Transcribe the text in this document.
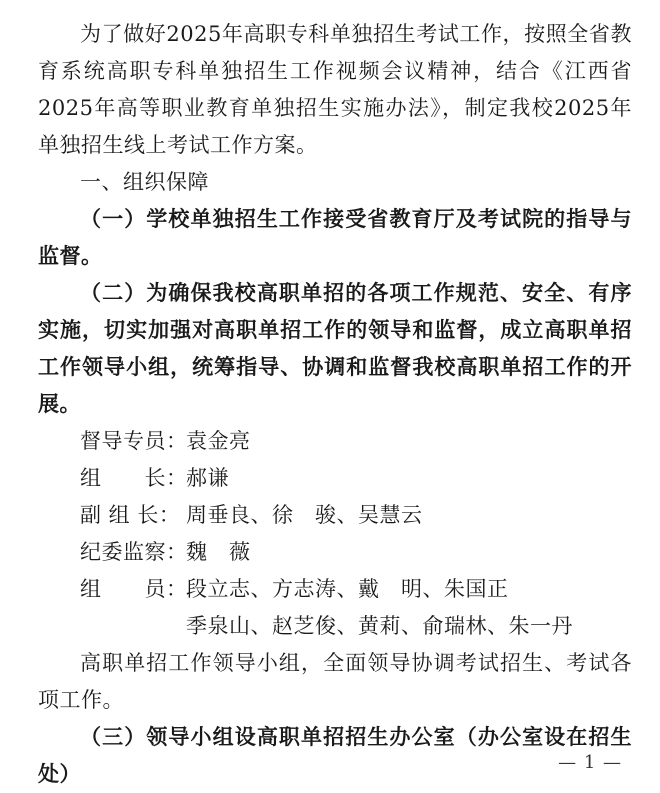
为了做好2025年高职专科单独招生考试工作，按照全省教育系统高职专科单独招生工作视频会议精神，结合《江西省2025年高等职业教育单独招生实施办法》，制定我校2025年单独招生线上考试工作方案。

一、组织保障

（一）学校单独招生工作接受省教育厅及考试院的指导与监督。

（二）为确保我校高职单招的各项工作规范、安全、有序实施，切实加强对高职单招工作的领导和监督，成立高职单招工作领导小组，统筹指导、协调和监督我校高职单招工作的开展。

督导专员：
袁金亮
组　　长：
郝谦
副 组 长： 周垂良、徐　骏、吴慧云
纪委监察：
魏　薇
组　　员：
段立志、方志涛、戴　明、朱国正
季泉山、赵芝俊、黄莉、俞瑞林、朱一丹

高职单招工作领导小组，全面领导协调考试招生、考试各项工作。

（三）领导小组设高职单招招生办公室（办公室设在招生处）	— 1 —
